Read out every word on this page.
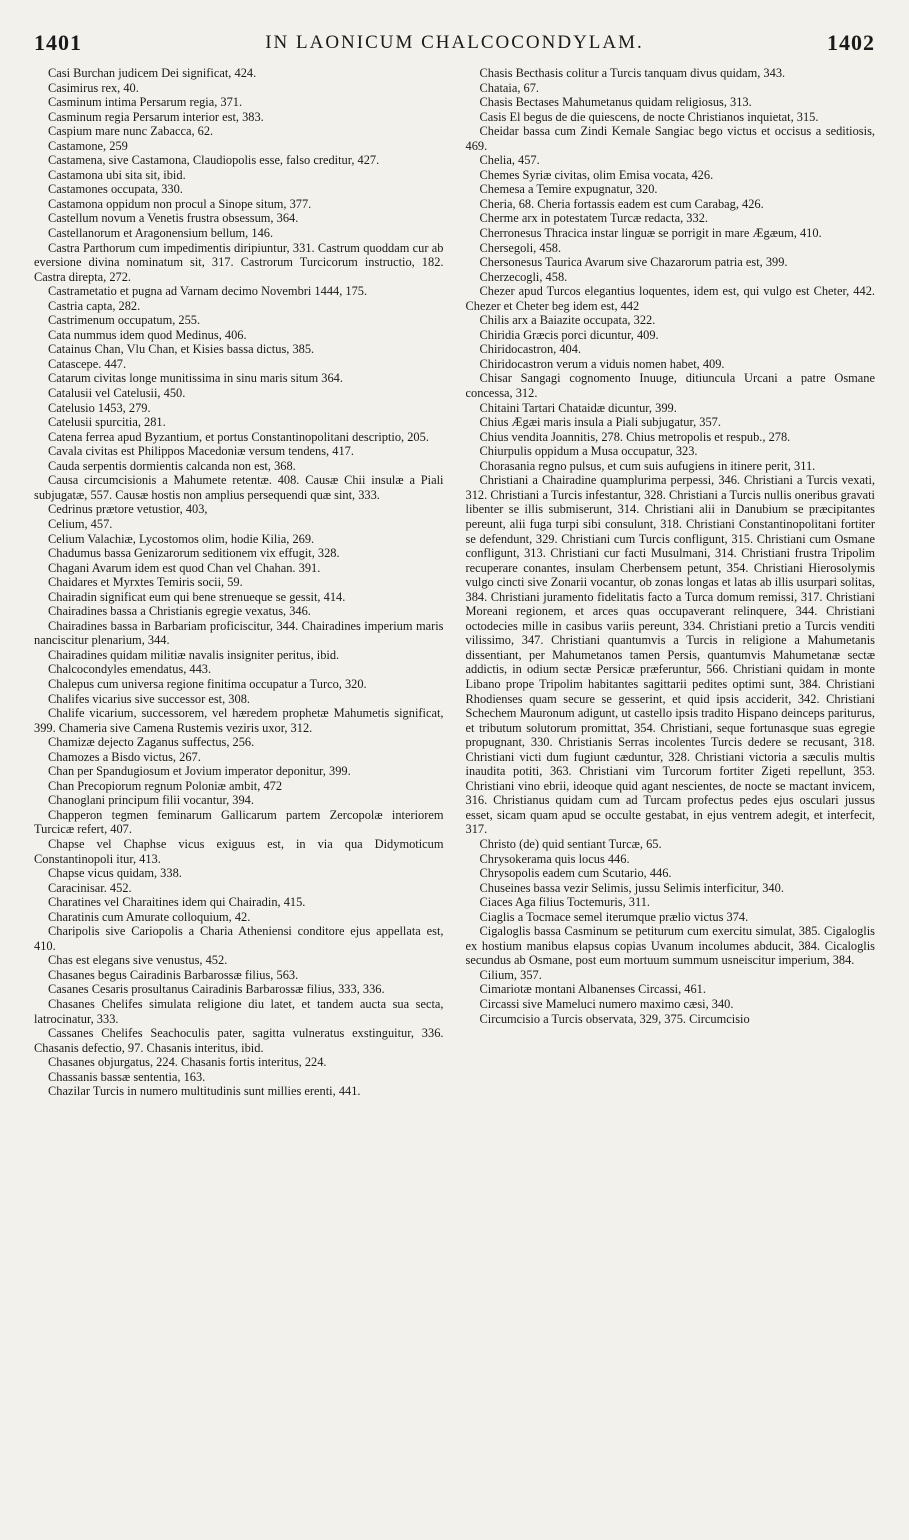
1401	IN LAONICUM CHALCOCONDYLAM.	1402

Casi Burchan judicem Dei significat, 424.

Casimirus rex, 40.

Casminum intima Persarum regia, 371.

Casminum regia Persarum interior est, 383.

Caspium mare nunc Zabacca, 62.

Castamone, 259

Castamena, sive Castamona, Claudiopolis esse, falso creditur, 427.

Castamona ubi sita sit, ibid.

Castamones occupata, 330.

Castamona oppidum non procul a Sinope situm, 377.

Castellum novum a Venetis frustra obsessum, 364.

Castellanorum et Aragonensium bellum, 146.

Castra Parthorum cum impedimentis diripiuntur, 331. Castrum quoddam cur ab eversione divina nominatum sit, 317. Castrorum Turcicorum instructio, 182. Castra direpta, 272.

Castrametatio et pugna ad Varnam decimo Novembri 1444, 175.

Castria capta, 282.

Castrimenum occupatum, 255.

Cata nummus idem quod Medinus, 406.

Catainus Chan, Vlu Chan, et Kisies bassa dictus, 385.

Catascepe. 447.

Catarum civitas longe munitissima in sinu maris situm 364.

Catalusii vel Catelusii, 450.

Catelusio 1453, 279.

Catelusii spurcitia, 281.

Catena ferrea apud Byzantium, et portus Constantinopolitani descriptio, 205.

Cavala civitas est Philippos Macedoniæ versum tendens, 417.

Cauda serpentis dormientis calcanda non est, 368.

Causa circumcisionis a Mahumete retentæ. 408. Causæ Chii insulæ a Piali subjugatæ, 557. Causæ hostis non amplius persequendi quæ sint, 333.

Cedrinus prætore vetustior, 403,

Celium, 457.

Celium Valachiæ, Lycostomos olim, hodie Kilia, 269.

Chadumus bassa Genizarorum seditionem vix effugit, 328.

Chagani Avarum idem est quod Chan vel Chahan. 391.

Chaidares et Myrxtes Temiris socii, 59.

Chairadin significat eum qui bene strenueque se gessit, 414.

Chairadines bassa a Christianis egregie vexatus, 346.

Chairadines bassa in Barbariam proficiscitur, 344. Chairadines imperium maris nanciscitur plenarium, 344.

Chairadines quidam militiæ navalis insigniter peritus, ibid.

Chalcocondyles emendatus, 443.

Chalepus cum universa regione finitima occupatur a Turco, 320.

Chalifes vicarius sive successor est, 308.

Chalife vicarium, successorem, vel hæredem prophetæ Mahumetis significat, 399. Chameria sive Camena Rustemis veziris uxor, 312.

Chamizæ dejecto Zaganus suffectus, 256.

Chamozes a Bisdo victus, 267.

Chan per Spandugiosum et Jovium imperator deponitur, 399.

Chan Precopiorum regnum Poloniæ ambit, 472

Chanoglani principum filii vocantur, 394.

Chapperon tegmen feminarum Gallicarum partem Zercopolæ interiorem Turcicæ refert, 407.

Chapse vel Chaphse vicus exiguus est, in via qua Didymoticum Constantinopoli itur, 413.

Chapse vicus quidam, 338.

Caracinisar. 452.

Charatines vel Charaitines idem qui Chairadin, 415.

Charatinis cum Amurate colloquium, 42.

Charipolis sive Cariopolis a Charia Atheniensi conditore ejus appellata est, 410.

Chas est elegans sive venustus, 452.

Chasanes begus Cairadinis Barbarossæ filius, 563.

Casanes Cesaris prosultanus Cairadinis Barbarossæ filius, 333, 336.

Chasanes Chelifes simulata religione diu latet, et tandem aucta sua secta, latrocinatur, 333.

Cassanes Chelifes Seachoculis pater, sagitta vulneratus exstinguitur, 336. Chasanis defectio, 97. Chasanis interitus, ibid.

Chasanes objurgatus, 224. Chasanis fortis interitus, 224.

Chassanis bassæ sententia, 163.

Chazilar Turcis in numero multitudinis sunt millies erenti, 441.

Chasis Becthasis colitur a Turcis tanquam divus quidam, 343.

Chataia, 67.

Chasis Bectases Mahumetanus quidam religiosus, 313.

Casis El begus de die quiescens, de nocte Christianos inquietat, 315.

Cheidar bassa cum Zindi Kemale Sangiac bego victus et occisus a seditiosis, 469.

Chelia, 457.

Chemes Syriæ civitas, olim Emisa vocata, 426.

Chemesa a Temire expugnatur, 320.

Cheria, 68. Cheria fortassis eadem est cum Carabag, 426.

Cherme arx in potestatem Turcæ redacta, 332.

Cherronesus Thracica instar linguæ se porrigit in mare Ægæum, 410.

Chersegoli, 458.

Chersonesus Taurica Avarum sive Chazarorum patria est, 399.

Cherzecogli, 458.

Chezer apud Turcos elegantius loquentes, idem est, qui vulgo est Cheter, 442. Chezer et Cheter beg idem est, 442

Chilis arx a Baiazite occupata, 322.

Chiridia Græcis porci dicuntur, 409.

Chiridocastron, 404.

Chiridocastron verum a viduis nomen habet, 409.

Chisar Sangagi cognomento Inuuge, ditiuncula Urcani a patre Osmane concessa, 312.

Chitaini Tartari Chataidæ dicuntur, 399.

Chius Ægæi maris insula a Piali subjugatur, 357.

Chius vendita Joannitis, 278. Chius metropolis et respub., 278.

Chiurpulis oppidum a Musa occupatur, 323.

Chorasania regno pulsus, et cum suis aufugiens in itinere perit, 311.

Christiani a Chairadine quamplurima perpessi, 346. Christiani a Turcis vexati, 312. Christiani a Turcis infestantur, 328. Christiani a Turcis nullis oneribus gravati libenter se illis submiserunt, 314. Christiani alii in Danubium se præcipitantes pereunt, alii fuga turpi sibi consulunt, 318. Christiani Constantinopolitani fortiter se defendunt, 329. Christiani cum Turcis confligunt, 315. Christiani cum Osmane confligunt, 313. Christiani cur facti Musulmani, 314. Christiani frustra Tripolim recuperare conantes, insulam Cherbensem petunt, 354. Christiani Hierosolymis vulgo cincti sive Zonarii vocantur, ob zonas longas et latas ab illis usurpari solitas, 384. Christiani juramento fidelitatis facto a Turca domum remissi, 317. Christiani Moreani regionem, et arces quas occupaverant relinquere, 344. Christiani octodecies mille in casibus variis pereunt, 334. Christiani pretio a Turcis venditi vilissimo, 347. Christiani quantumvis a Turcis in religione a Mahumetanis dissentiant, per Mahumetanos tamen Persis, quantumvis Mahumetanæ sectæ addictis, in odium sectæ Persicæ præferuntur, 566. Christiani quidam in monte Libano prope Tripolim habitantes sagittarii pedites optimi sunt, 384. Christiani Rhodienses quam secure se gesserint, et quid ipsis acciderit, 342. Christiani Schechem Mauronum adigunt, ut castello ipsis tradito Hispano deinceps pariturus, et tributum solutorum promittat, 354. Christiani, seque fortunasque suas egregie propugnant, 330. Christianis Serras incolentes Turcis dedere se recusant, 318. Christiani victi dum fugiunt cæduntur, 328. Christiani victoria a sæculis multis inaudita potiti, 363. Christiani vim Turcorum fortiter Zigeti repellunt, 353. Christiani vino ebrii, ideoque quid agant nescientes, de nocte se mactant invicem, 316. Christianus quidam cum ad Turcam profectus pedes ejus osculari jussus esset, sicam quam apud se occulte gestabat, in ejus ventrem adegit, et interfecit, 317.

Christo (de) quid sentiant Turcæ, 65.

Chrysokerama quis locus 446.

Chrysopolis eadem cum Scutario, 446.

Chuseines bassa vezir Selimis, jussu Selimis interficitur, 340.

Ciaces Aga filius Toctemuris, 311.

Ciaglis a Tocmace semel iterumque prælio victus 374.

Cigaloglis bassa Casminum se petiturum cum exercitu simulat, 385. Cigaloglis ex hostium manibus elapsus copias Uvanum incolumes abducit, 384. Cicaloglis secundus ab Osmane, post eum mortuum summum usneiscitur imperium, 384.

Cilium, 357.

Cimariotæ montani Albanenses Circassi, 461.

Circassi sive Mameluci numero maximo cæsi, 340.

Circumcisio a Turcis observata, 329, 375. Circumcisio
